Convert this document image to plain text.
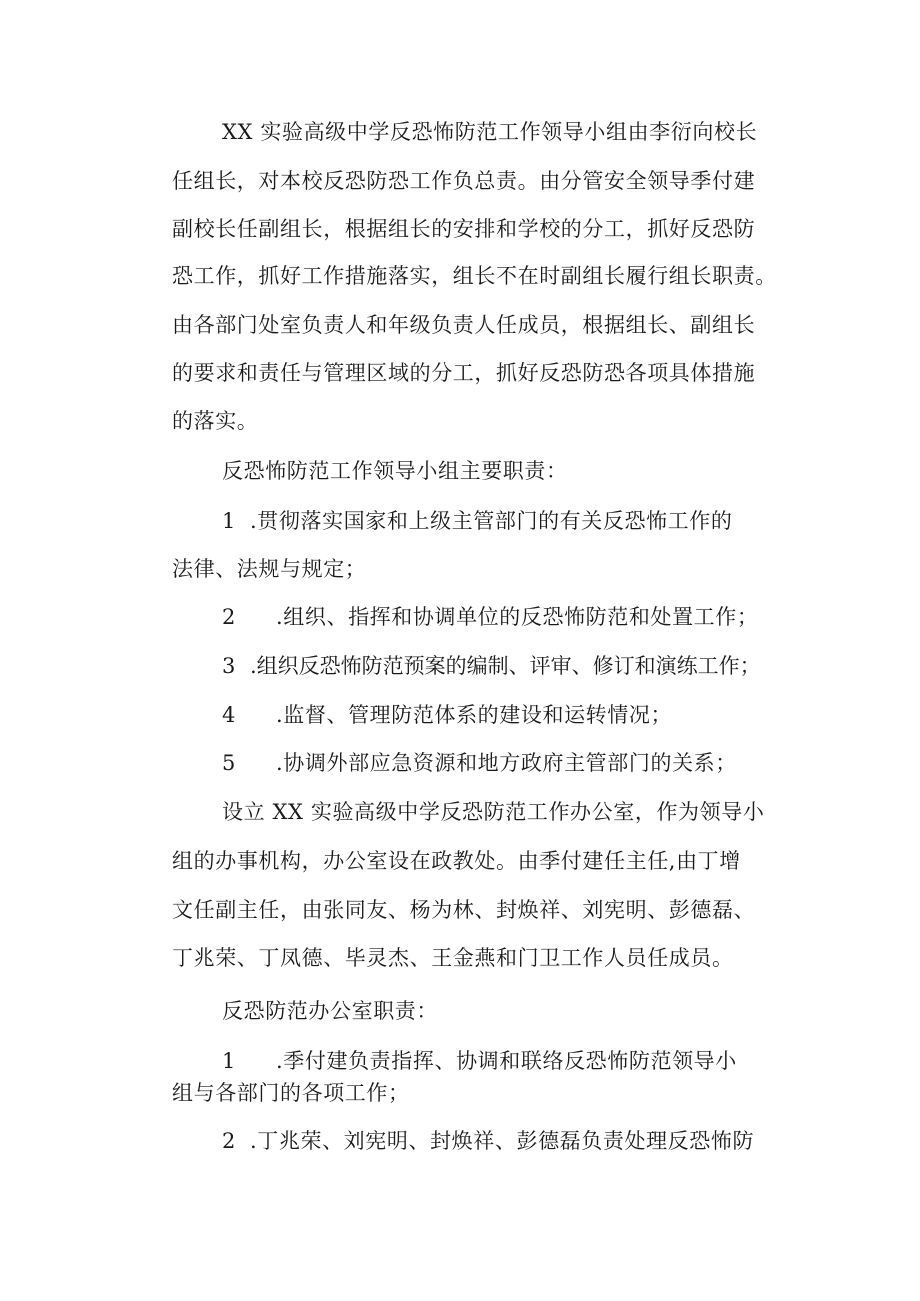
XX 实验高级中学反恐怖防范工作领导小组由李衍向校长
任组长，对本校反恐防恐工作负总责。由分管安全领导季付建
副校长任副组长，根据组长的安排和学校的分工，抓好反恐防
恐工作，抓好工作措施落实，组长不在时副组长履行组长职责。
由各部门处室负责人和年级负责人任成员，根据组长、副组长
的要求和责任与管理区域的分工，抓好反恐防恐各项具体措施
的落实。
反恐怖防范工作领导小组主要职责：
1 .贯彻落实国家和上级主管部门的有关反恐怖工作的
法律、法规与规定；
2 .组织、指挥和协调单位的反恐怖防范和处置工作；
3 .组织反恐怖防范预案的编制、评审、修订和演练工作；
4 .监督、管理防范体系的建设和运转情况；
5 .协调外部应急资源和地方政府主管部门的关系；
设立 XX 实验高级中学反恐防范工作办公室，作为领导小
组的办事机构，办公室设在政教处。由季付建任主任,由丁增
文任副主任，由张同友、杨为林、封焕祥、刘宪明、彭德磊、
丁兆荣、丁凤德、毕灵杰、王金燕和门卫工作人员任成员。
反恐防范办公室职责：
1 .季付建负责指挥、协调和联络反恐怖防范领导小
组与各部门的各项工作；
2 .丁兆荣、刘宪明、封焕祥、彭德磊负责处理反恐怖防
